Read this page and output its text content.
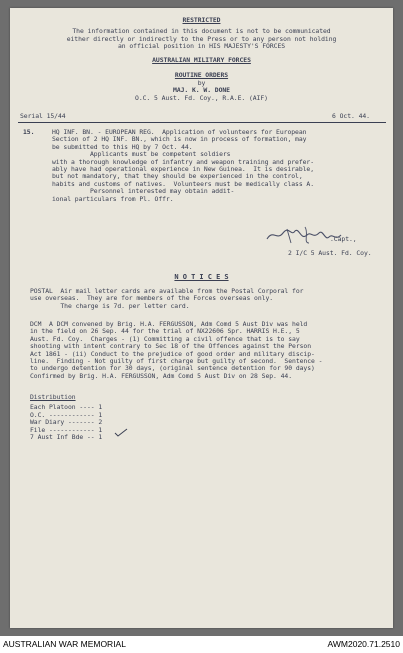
RESTRICTED
The information contained in this document is not to be communicated
either directly or indirectly to the Press or to any person not holding
an official position in HIS MAJESTY'S FORCES
AUSTRALIAN MILITARY FORCES
ROUTINE ORDERS
by
MAJ. K. W. DONE
O.C. 5 Aust. Fd. Coy., R.A.E. (AIF)
Serial 15/44	6 Oct. 44.
15.	HQ INF. BN. - EUROPEAN REG.  Application of volunteers for European
Section of 2 HQ INF. BN., which is now in process of formation, may
be submitted to this HQ by 7 Oct. 44.
Applicants must be competent soldiers
with a thorough knowledge of infantry and weapon training and prefer-
ably have had operational experience in New Guinea.  It is desirable,
but not mandatory, that they should be experienced in the control,
habits and customs of natives.  Volunteers must be medically class A.
Personnel interested may obtain addit-
ional particulars from Pl. Offr.
.Capt.,
2 I/C 5 Aust. Fd. Coy.
N O T I C E S
POSTAL  Air mail letter cards are available from the Postal Corporal for
use overseas.  They are for members of the Forces overseas only.
The charge is 7d. per letter card.
DCM  A DCM convened by Brig. H.A. FERGUSSON, Adm Comd 5 Aust Div was held
in the field on 26 Sep. 44 for the trial of NX22606 Spr. HARRIS H.E., 5
Aust. Fd. Coy.  Charges - (1) Committing a civil offence that is to say
shooting with intent contrary to Sec 18 of the Offences against the Person
Act 1861 - (ii) Conduct to the prejudice of good order and military discip-
line.  Finding - Not guilty of first charge but guilty of second.  Sentence -
to undergo detention for 30 days, (original sentence detention for 90 days)
Confirmed by Brig. H.A. FERGUSSON, Adm Comd 5 Aust Div on 28 Sep. 44.
Distribution
Each Platoon ---- 1
O.C. ------------ 1
War Diary ------- 2
File ------------ 1
7 Aust Inf Bde -- 1
AUSTRALIAN WAR MEMORIAL	AWM2020.71.2510
